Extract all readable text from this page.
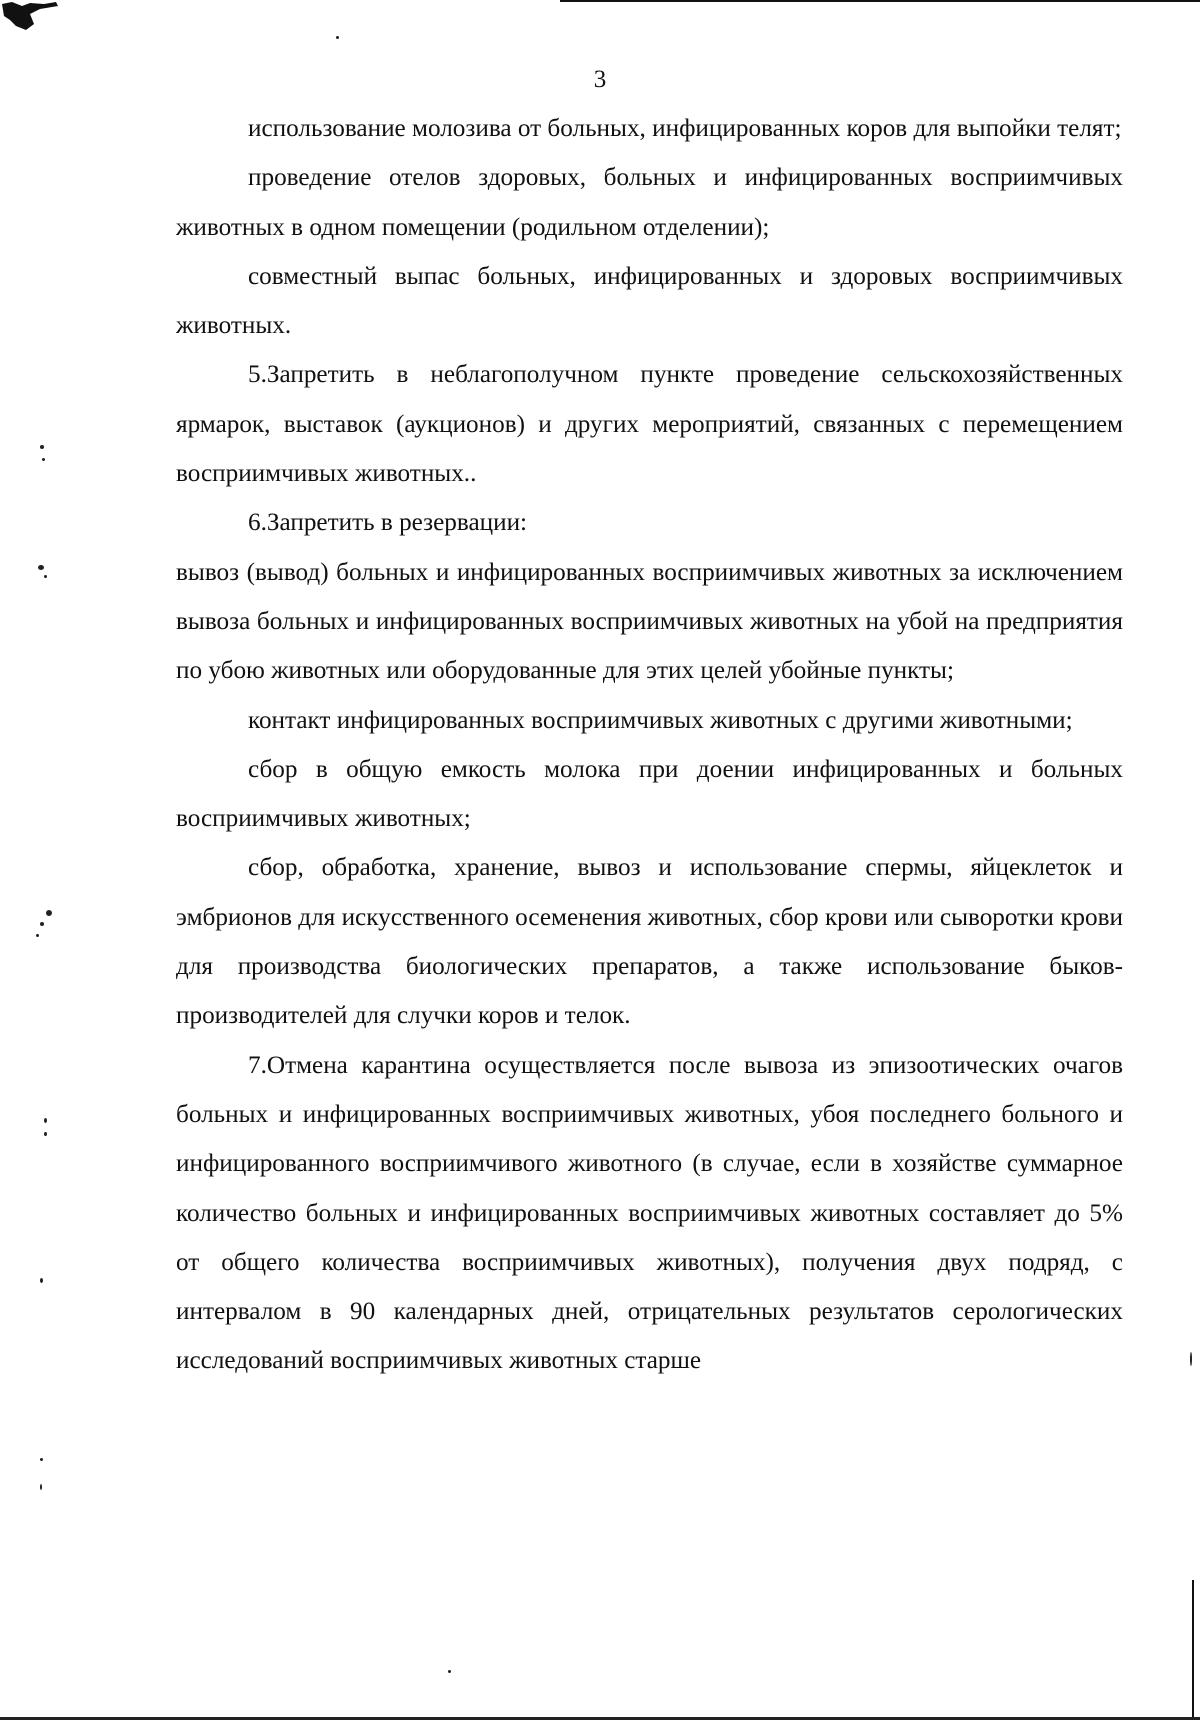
3

использование молозива от больных, инфицированных коров для выпойки телят;

проведение отелов здоровых, больных и инфицированных восприимчивых животных в одном помещении (родильном отделении);

совместный выпас больных, инфицированных и здоровых восприимчивых животных.

5.Запретить в неблагополучном пункте проведение сельскохозяйственных ярмарок, выставок (аукционов) и других мероприятий, связанных с перемещением восприимчивых животных..

6.Запретить в резервации:

вывоз (вывод) больных и инфицированных восприимчивых животных за исключением вывоза больных и инфицированных восприимчивых животных на убой на предприятия по убою животных или оборудованные для этих целей убойные пункты;

контакт инфицированных восприимчивых животных с другими животными;

сбор в общую емкость молока при доении инфицированных и больных восприимчивых животных;

сбор, обработка, хранение, вывоз и использование спермы, яйцеклеток и эмбрионов для искусственного осеменения животных, сбор крови или сыворотки крови для производства биологических препаратов, а также использование быков-производителей для случки коров и телок.

7.Отмена карантина осуществляется после вывоза из эпизоотических очагов больных и инфицированных восприимчивых животных, убоя последнего больного и инфицированного восприимчивого животного (в случае, если в хозяйстве суммарное количество больных и инфицированных восприимчивых животных составляет до 5% от общего количества восприимчивых животных), получения двух подряд, с интервалом в 90 календарных дней, отрицательных результатов серологических исследований восприимчивых животных старше
